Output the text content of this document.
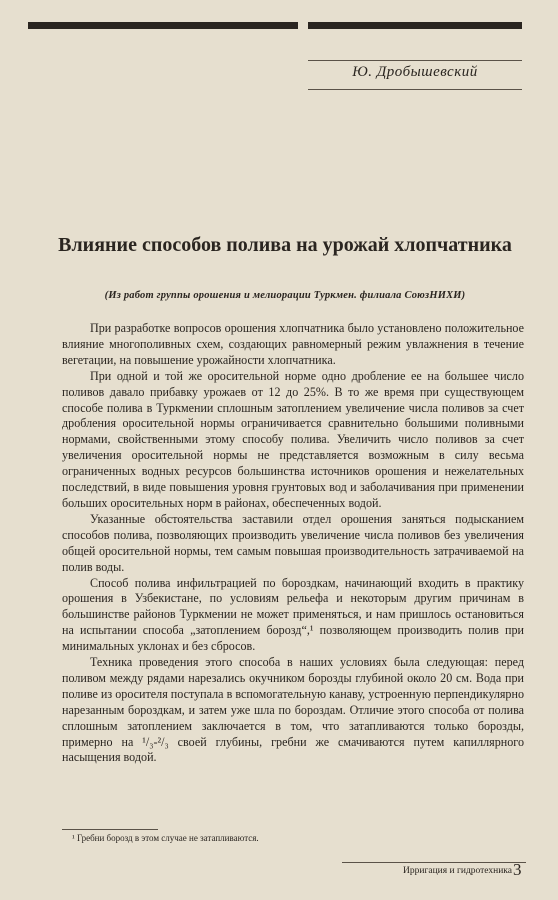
Ю. Дробышевский
Влияние способов полива на урожай хлопчатника
(Из работ группы орошения и мелиорации Туркмен. филиала СоюзНИХИ)

При разработке вопросов орошения хлопчатника было установлено положительное влияние многополивных схем, создающих равномерный режим увлажнения в течение вегетации, на повышение урожайности хлопчатника.

При одной и той же оросительной норме одно дробление ее на большее число поливов давало прибавку урожаев от 12 до 25%. В то же время при существующем способе полива в Туркмении сплошным затоплением увеличение числа поливов за счет дробления оросительной нормы ограничивается сравнительно большими поливными нормами, свойственными этому способу полива. Увеличить число поливов за счет увеличения оросительной нормы не представляется возможным в силу весьма ограниченных водных ресурсов большинства источников орошения и нежелательных последствий, в виде повышения уровня грунтовых вод и заболачивания при применении больших оросительных норм в районах, обеспеченных водой.

Указанные обстоятельства заставили отдел орошения заняться подысканием способов полива, позволяющих производить увеличение числа поливов без увеличения общей оросительной нормы, тем самым повышая производительность затрачиваемой на полив воды.

Способ полива инфильтрацией по бороздкам, начинающий входить в практику орошения в Узбекистане, по условиям рельефа и некоторым другим причинам в большинстве районов Туркмении не может применяться, и нам пришлось остановиться на испытании способа „затоплением борозд“,¹ позволяющем производить полив при минимальных уклонах и без сбросов.

Техника проведения этого способа в наших условиях была следующая: перед поливом между рядами нарезались окучником борозды глубиной около 20 см. Вода при поливе из оросителя поступала в вспомогательную канаву, устроенную перпендикулярно нарезанным бороздкам, и затем уже шла по бороздам. Отличие этого способа от полива сплошным затоплением заключается в том, что затапливаются только борозды, примерно на ¹/₃-²/₃ своей глубины, гребни же смачиваются путем капиллярного насыщения водой.

¹ Гребни борозд в этом случае не затапливаются.
Ирригация и гидротехника 3
